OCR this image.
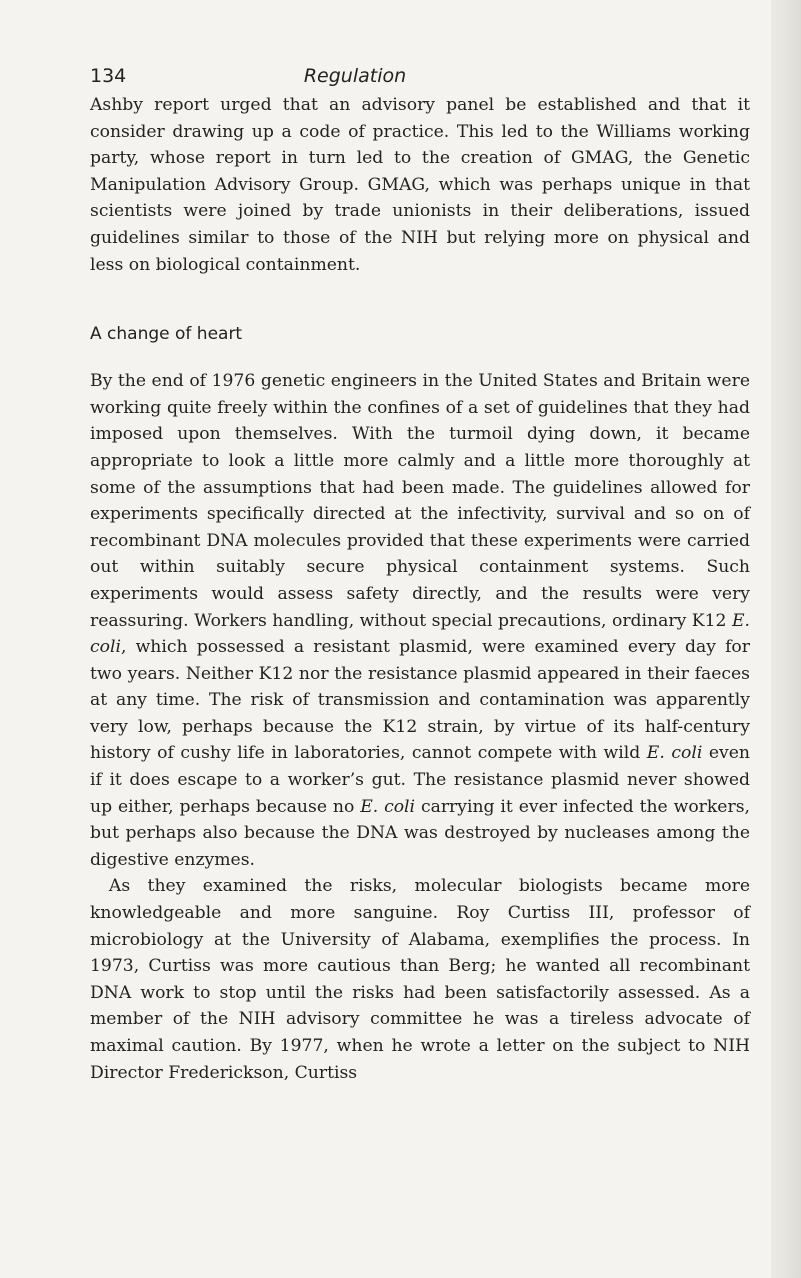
134	Regulation

Ashby report urged that an advisory panel be established and that it consider drawing up a code of practice. This led to the Williams working party, whose report in turn led to the creation of GMAG, the Genetic Manipulation Advisory Group. GMAG, which was perhaps unique in that scientists were joined by trade unionists in their deliberations, issued guidelines similar to those of the NIH but relying more on physical and less on biological containment.

A change of heart

By the end of 1976 genetic engineers in the United States and Britain were working quite freely within the confines of a set of guidelines that they had imposed upon themselves. With the turmoil dying down, it became appropriate to look a little more calmly and a little more thoroughly at some of the assumptions that had been made. The guidelines allowed for experiments specifically directed at the infectivity, survival and so on of recombinant DNA molecules provided that these experiments were carried out within suitably secure physical containment systems. Such experiments would assess safety directly, and the results were very reassuring. Workers handling, without special precautions, ordinary K12 E. coli, which possessed a resistant plasmid, were examined every day for two years. Neither K12 nor the resistance plasmid appeared in their faeces at any time. The risk of transmission and contamination was apparently very low, perhaps because the K12 strain, by virtue of its half-century history of cushy life in laboratories, cannot compete with wild E. coli even if it does escape to a worker’s gut. The resistance plasmid never showed up either, perhaps because no E. coli carrying it ever infected the workers, but perhaps also because the DNA was destroyed by nucleases among the digestive enzymes.

As they examined the risks, molecular biologists became more knowledgeable and more sanguine. Roy Curtiss III, professor of microbiology at the University of Alabama, exemplifies the process. In 1973, Curtiss was more cautious than Berg; he wanted all recombinant DNA work to stop until the risks had been satisfactorily assessed. As a member of the NIH advisory committee he was a tireless advocate of maximal caution. By 1977, when he wrote a letter on the subject to NIH Director Frederickson, Curtiss
